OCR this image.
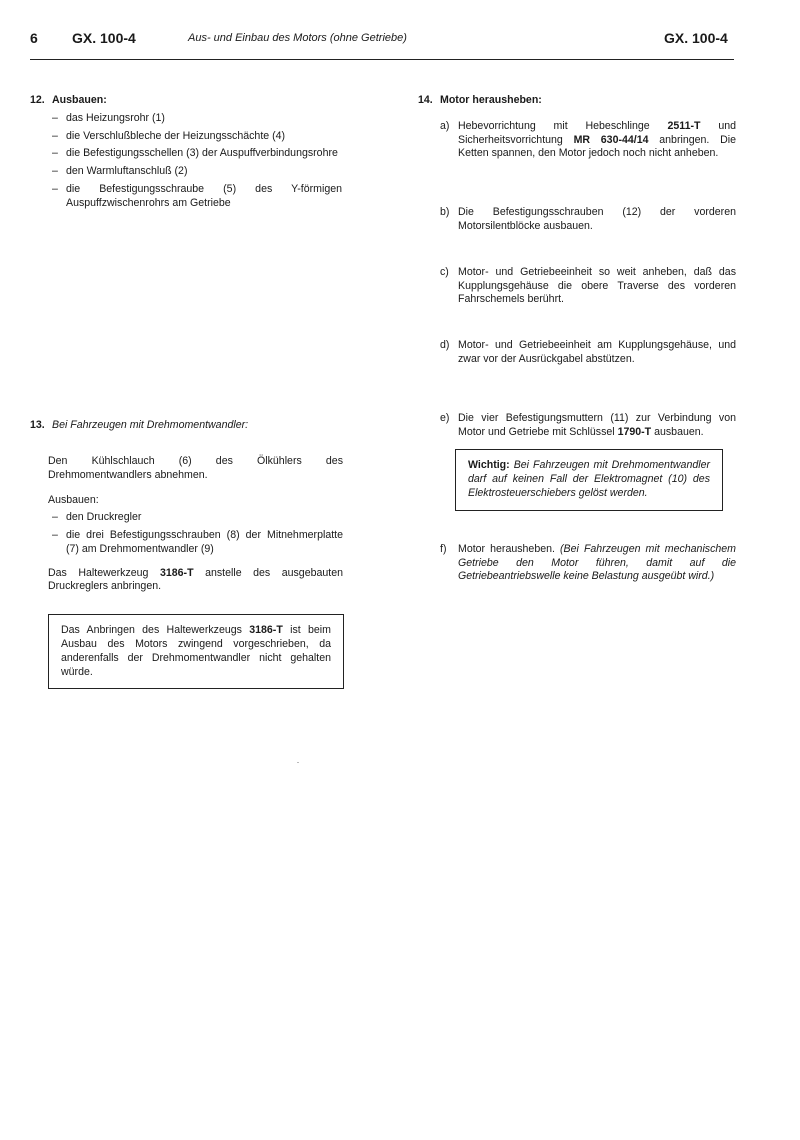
6 GX. 100-4	Aus- und Einbau des Motors (ohne Getriebe)	GX. 100-4
12. Ausbauen:
– das Heizungsrohr (1)
– die Verschlußbleche der Heizungsschächte (4)
– die Befestigungsschellen (3) der Auspuffverbindungsrohre
– den Warmluftanschluß (2)
– die Befestigungsschraube (5) des Y-förmigen Auspuffzwischenrohrs am Getriebe
13. Bei Fahrzeugen mit Drehmomentwandler:

Den Kühlschlauch (6) des Ölkühlers des Drehmomentwandlers abnehmen.

Ausbauen:

– den Druckregler
– die drei Befestigungsschrauben (8) der Mitnehmerplatte (7) am Drehmomentwandler (9)

Das Haltewerkzeug 3186-T anstelle des ausgebauten Druckreglers anbringen.

Das Anbringen des Haltewerkzeugs 3186-T ist beim Ausbau des Motors zwingend vorgeschrieben, da anderenfalls der Drehmomentwandler nicht gehalten würde.

14. Motor herausheben:
a) Hebevorrichtung mit Hebeschlinge 2511-T und Sicherheitsvorrichtung MR 630-44/14 anbringen. Die Ketten spannen, den Motor jedoch noch nicht anheben.
b) Die Befestigungsschrauben (12) der vorderen Motorsilentblöcke ausbauen.
c) Motor- und Getriebeeinheit so weit anheben, daß das Kupplungsgehäuse die obere Traverse des vorderen Fahrschemels berührt.
d) Motor- und Getriebeeinheit am Kupplungsgehäuse, und zwar vor der Ausrückgabel abstützen.
e) Die vier Befestigungsmuttern (11) zur Verbindung von Motor und Getriebe mit Schlüssel 1790-T ausbauen.

Wichtig: Bei Fahrzeugen mit Drehmomentwandler darf auf keinen Fall der Elektromagnet (10) des Elektrosteuerschiebers gelöst werden.

f) Motor herausheben. (Bei Fahrzeugen mit mechanischem Getriebe den Motor führen, damit auf die Getriebeantriebswelle keine Belastung ausgeübt wird.)
